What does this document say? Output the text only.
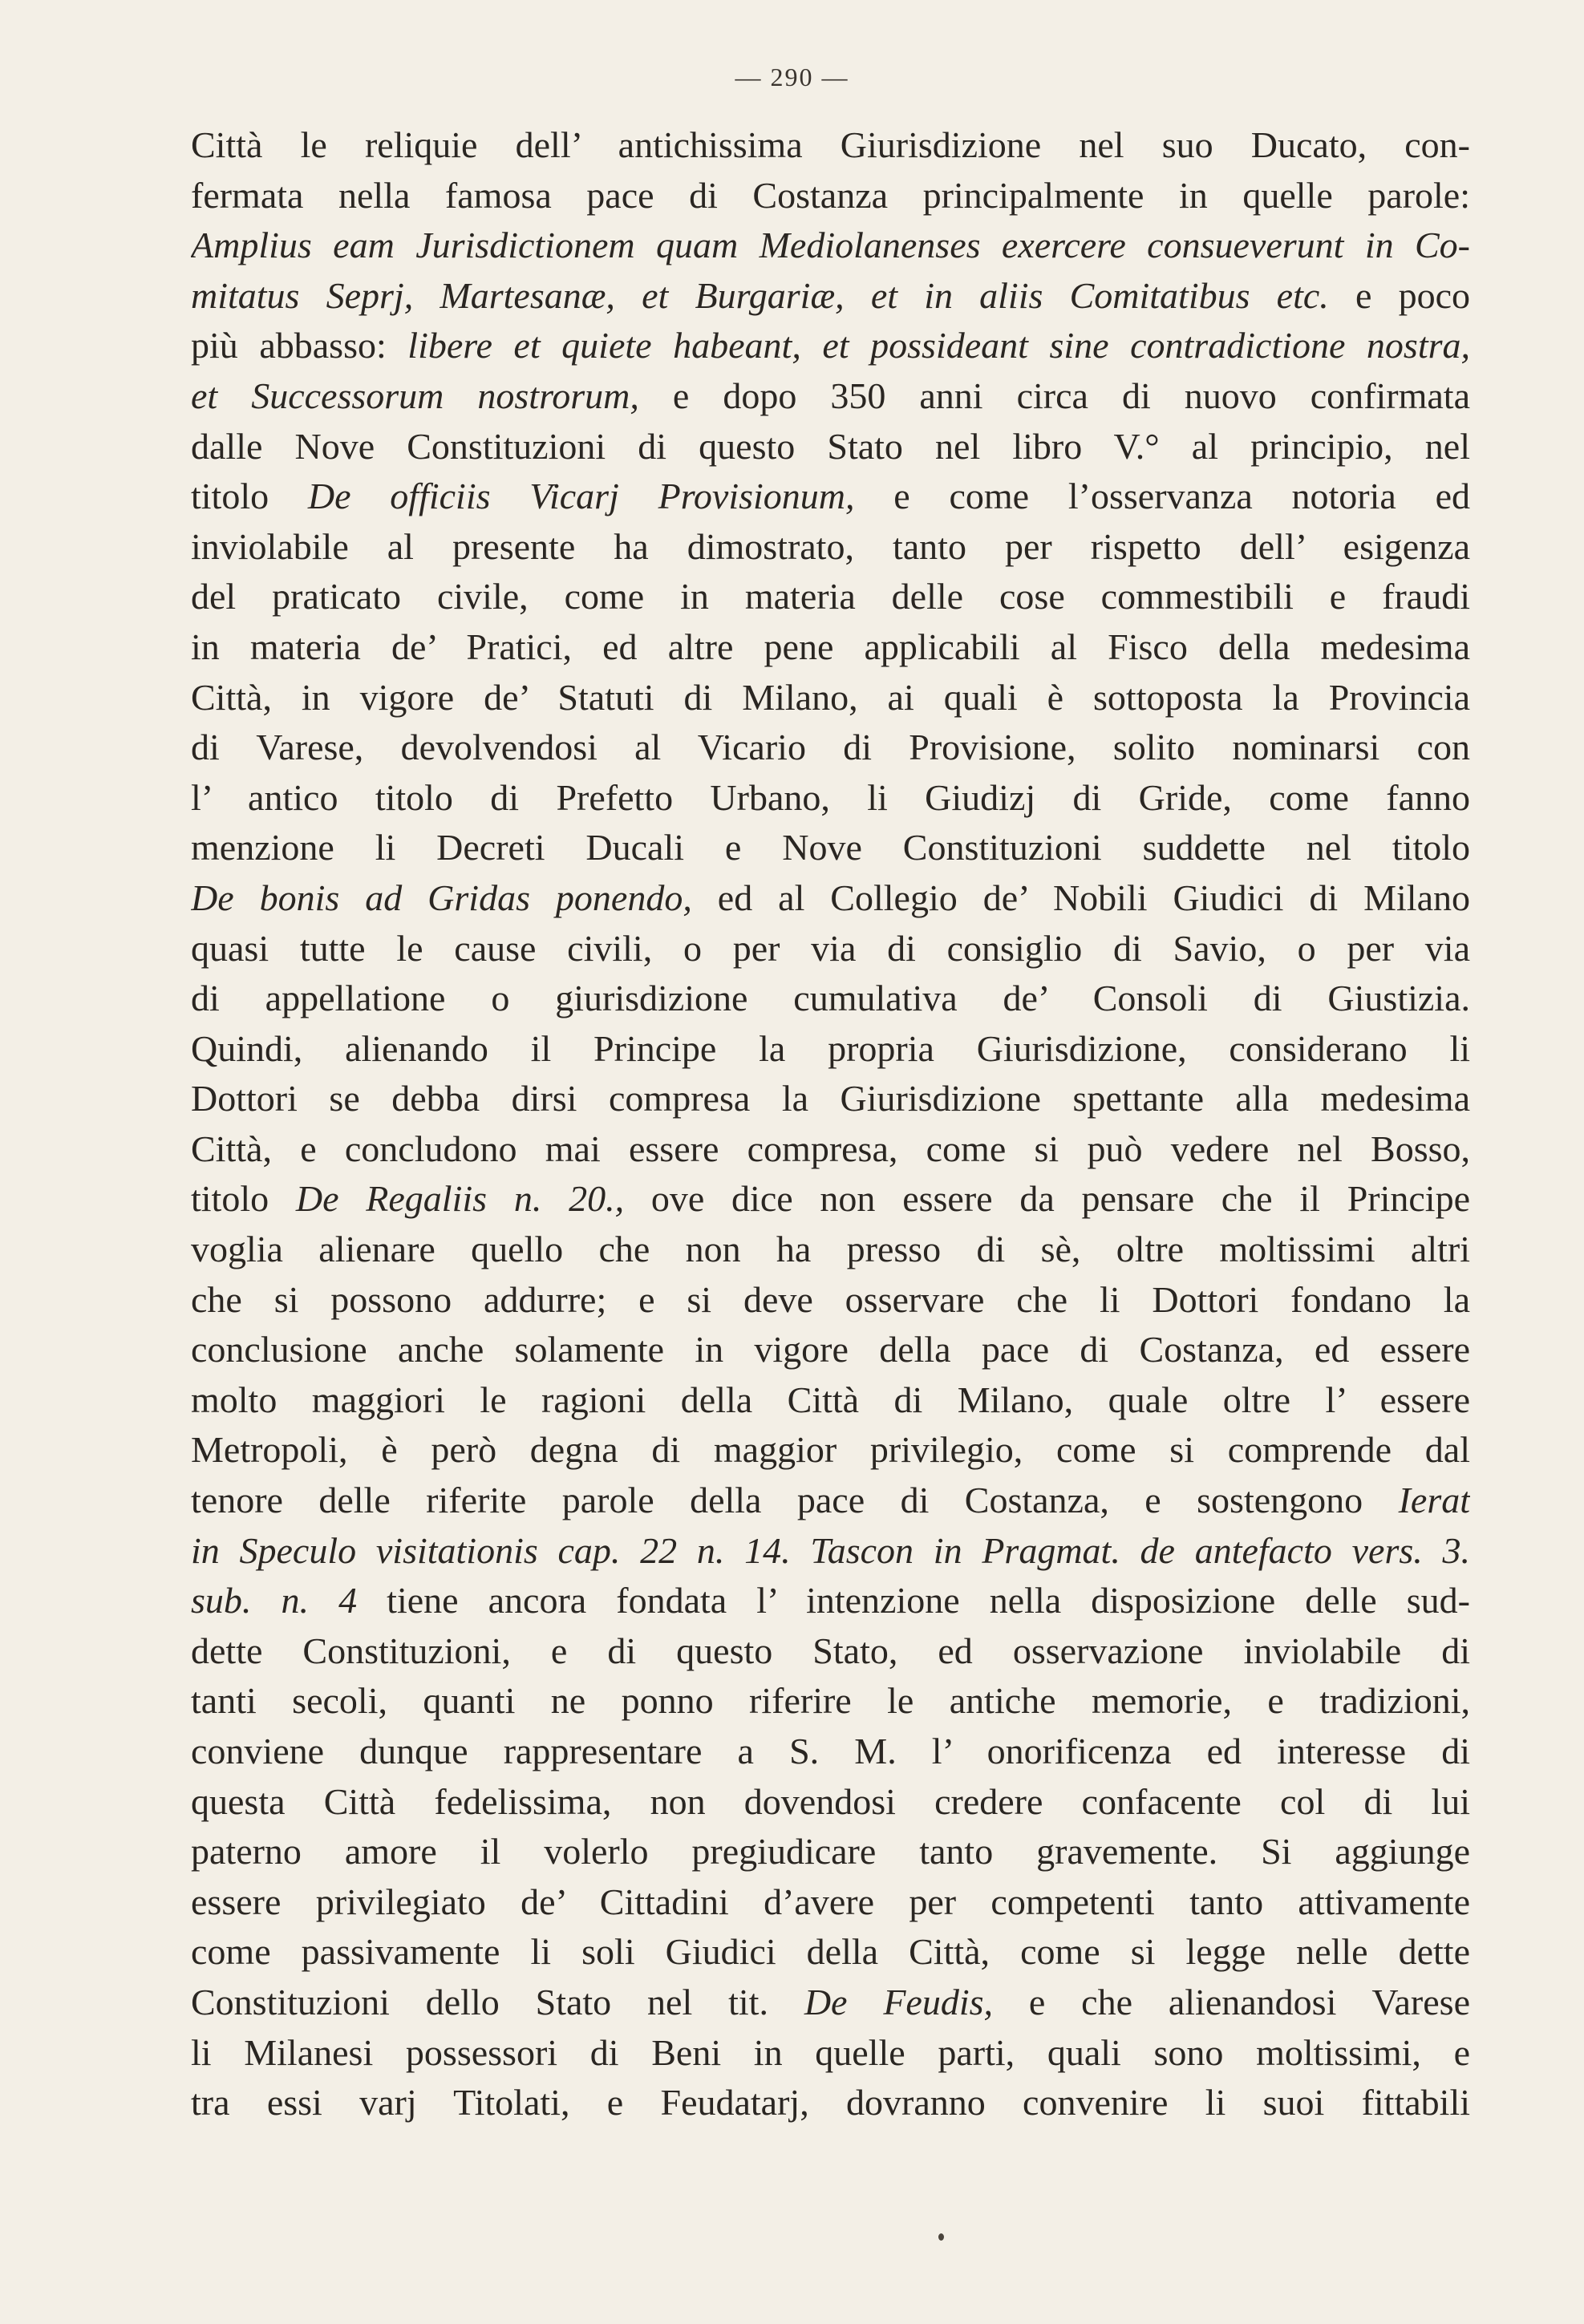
— 290 —
Città le reliquie dell’ antichissima Giurisdizione nel suo Ducato, con-
fermata nella famosa pace di Costanza principalmente in quelle parole:
Amplius eam Jurisdictionem quam Mediolanenses exercere consueverunt in Co-
mitatus Seprj, Martesanæ, et Burgariæ, et in aliis Comitatibus etc. e poco
più abbasso: libere et quiete habeant, et possideant sine contradictione nostra,
et Successorum nostrorum, e dopo 350 anni circa di nuovo confirmata
dalle Nove Constituzioni di questo Stato nel libro V.° al principio, nel
titolo De officiis Vicarj Provisionum, e come l’osservanza notoria ed
inviolabile al presente ha dimostrato, tanto per rispetto dell’ esigenza
del praticato civile, come in materia delle cose commestibili e fraudi
in materia de’ Pratici, ed altre pene applicabili al Fisco della medesima
Città, in vigore de’ Statuti di Milano, ai quali è sottoposta la Provincia
di Varese, devolvendosi al Vicario di Provisione, solito nominarsi con
l’ antico titolo di Prefetto Urbano, li Giudizj di Gride, come fanno
menzione li Decreti Ducali e Nove Constituzioni suddette nel titolo
De bonis ad Gridas ponendo, ed al Collegio de’ Nobili Giudici di Milano
quasi tutte le cause civili, o per via di consiglio di Savio, o per via
di appellatione o giurisdizione cumulativa de’ Consoli di Giustizia.
Quindi, alienando il Principe la propria Giurisdizione, considerano li
Dottori se debba dirsi compresa la Giurisdizione spettante alla medesima
Città, e concludono mai essere compresa, come si può vedere nel Bosso,
titolo De Regaliis n. 20., ove dice non essere da pensare che il Principe
voglia alienare quello che non ha presso di sè, oltre moltissimi altri
che si possono addurre; e si deve osservare che li Dottori fondano la
conclusione anche solamente in vigore della pace di Costanza, ed essere
molto maggiori le ragioni della Città di Milano, quale oltre l’ essere
Metropoli, è però degna di maggior privilegio, come si comprende dal
tenore delle riferite parole della pace di Costanza, e sostengono Ierat
in Speculo visitationis cap. 22 n. 14. Tascon in Pragmat. de antefacto vers. 3.
sub. n. 4 tiene ancora fondata l’ intenzione nella disposizione delle sud-
dette Constituzioni, e di questo Stato, ed osservazione inviolabile di
tanti secoli, quanti ne ponno riferire le antiche memorie, e tradizioni,
conviene dunque rappresentare a S. M. l’ onorificenza ed interesse di
questa Città fedelissima, non dovendosi credere confacente col di lui
paterno amore il volerlo pregiudicare tanto gravemente. Si aggiunge
essere privilegiato de’ Cittadini d’avere per competenti tanto attivamente
come passivamente li soli Giudici della Città, come si legge nelle dette
Constituzioni dello Stato nel tit. De Feudis, e che alienandosi Varese
li Milanesi possessori di Beni in quelle parti, quali sono moltissimi, e
tra essi varj Titolati, e Feudatarj, dovranno convenire li suoi fittabili
